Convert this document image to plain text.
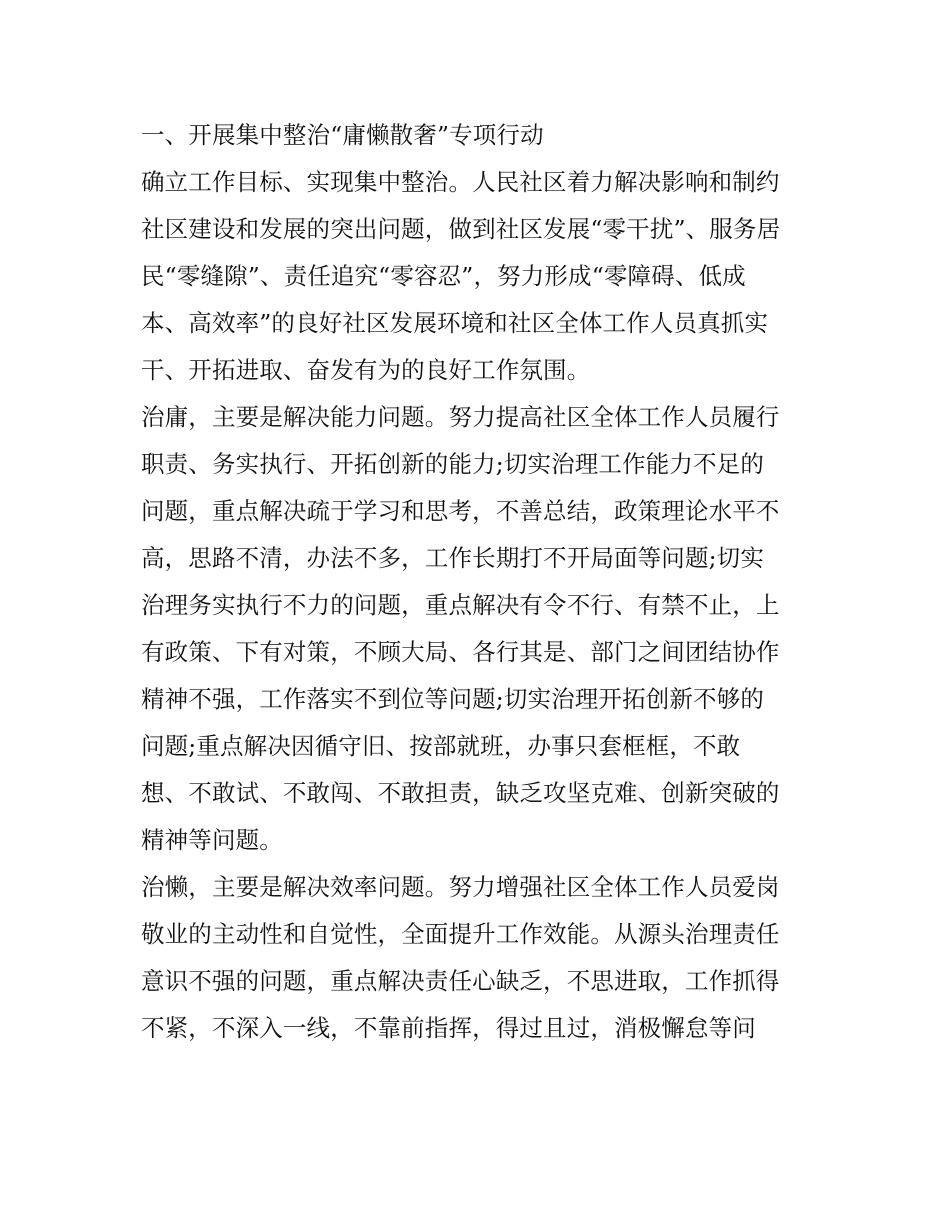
一、开展集中整治“庸懒散奢”专项行动
确立工作目标、实现集中整治。人民社区着力解决影响和制约
社区建设和发展的突出问题，做到社区发展“零干扰”、服务居
民“零缝隙”、责任追究“零容忍”，努力形成“零障碍、低成
本、高效率”的良好社区发展环境和社区全体工作人员真抓实
干、开拓进取、奋发有为的良好工作氛围。
治庸，主要是解决能力问题。努力提高社区全体工作人员履行
职责、务实执行、开拓创新的能力;切实治理工作能力不足的
问题，重点解决疏于学习和思考，不善总结，政策理论水平不
高，思路不清，办法不多，工作长期打不开局面等问题;切实
治理务实执行不力的问题，重点解决有令不行、有禁不止，上
有政策、下有对策，不顾大局、各行其是、部门之间团结协作
精神不强，工作落实不到位等问题;切实治理开拓创新不够的
问题;重点解决因循守旧、按部就班，办事只套框框，不敢
想、不敢试、不敢闯、不敢担责，缺乏攻坚克难、创新突破的
精神等问题。
治懒，主要是解决效率问题。努力增强社区全体工作人员爱岗
敬业的主动性和自觉性，全面提升工作效能。从源头治理责任
意识不强的问题，重点解决责任心缺乏，不思进取，工作抓得
不紧，不深入一线，不靠前指挥，得过且过，消极懈怠等问
